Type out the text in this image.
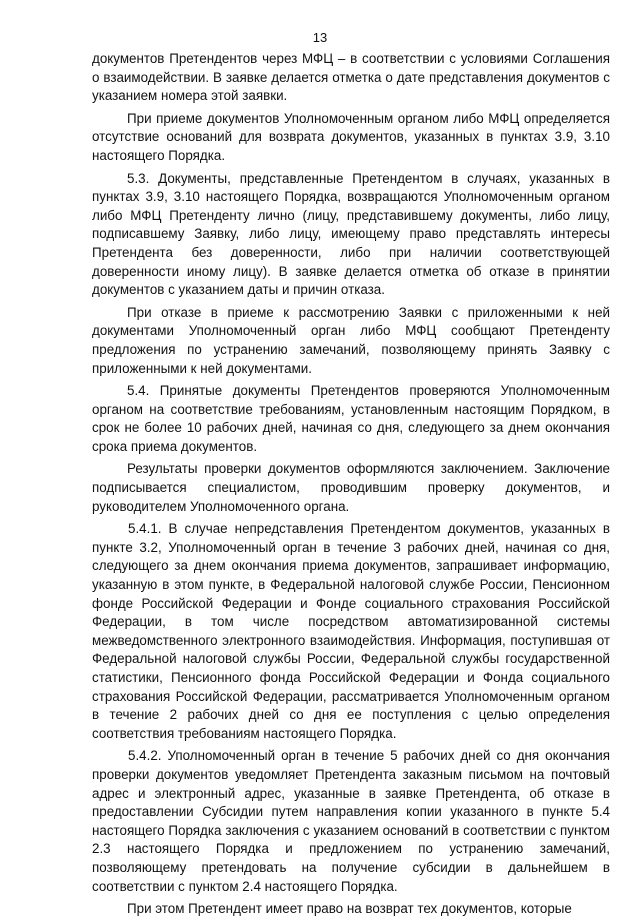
13

документов Претендентов через МФЦ – в соответствии с условиями Соглашения о взаимодействии. В заявке делается отметка о дате представления документов с указанием номера этой заявки.

При приеме документов Уполномоченным органом либо МФЦ определяется отсутствие оснований для возврата документов, указанных в пунктах 3.9, 3.10 настоящего Порядка.

5.3. Документы, представленные Претендентом в случаях, указанных в пунктах 3.9, 3.10 настоящего Порядка, возвращаются Уполномоченным органом либо МФЦ Претенденту лично (лицу, представившему документы, либо лицу, подписавшему Заявку, либо лицу, имеющему право представлять интересы Претендента без доверенности, либо при наличии соответствующей доверенности иному лицу). В заявке делается отметка об отказе в принятии документов с указанием даты и причин отказа.

При отказе в приеме к рассмотрению Заявки с приложенными к ней документами Уполномоченный орган либо МФЦ сообщают Претенденту предложения по устранению замечаний, позволяющему принять Заявку с приложенными к ней документами.

5.4. Принятые документы Претендентов проверяются Уполномоченным органом на соответствие требованиям, установленным настоящим Порядком, в срок не более 10 рабочих дней, начиная со дня, следующего за днем окончания срока приема документов.

Результаты проверки документов оформляются заключением. Заключение подписывается специалистом, проводившим проверку документов, и руководителем Уполномоченного органа.

5.4.1. В случае непредставления Претендентом документов, указанных в пункте 3.2, Уполномоченный орган в течение 3 рабочих дней, начиная со дня, следующего за днем окончания приема документов, запрашивает информацию, указанную в этом пункте, в Федеральной налоговой службе России, Пенсионном фонде Российской Федерации и Фонде социального страхования Российской Федерации, в том числе посредством автоматизированной системы межведомственного электронного взаимодействия. Информация, поступившая от Федеральной налоговой службы России, Федеральной службы государственной статистики, Пенсионного фонда Российской Федерации и Фонда социального страхования Российской Федерации, рассматривается Уполномоченным органом в течение 2 рабочих дней со дня ее поступления с целью определения соответствия требованиям настоящего Порядка.

5.4.2. Уполномоченный орган в течение 5 рабочих дней со дня окончания проверки документов уведомляет Претендента заказным письмом на почтовый адрес и электронный адрес, указанные в заявке Претендента, об отказе в предоставлении Субсидии путем направления копии указанного в пункте 5.4 настоящего Порядка заключения с указанием оснований в соответствии с пунктом 2.3 настоящего Порядка и предложением по устранению замечаний, позволяющему претендовать на получение субсидии в дальнейшем в соответствии с пунктом 2.4 настоящего Порядка.

При этом Претендент имеет право на возврат тех документов, которые
